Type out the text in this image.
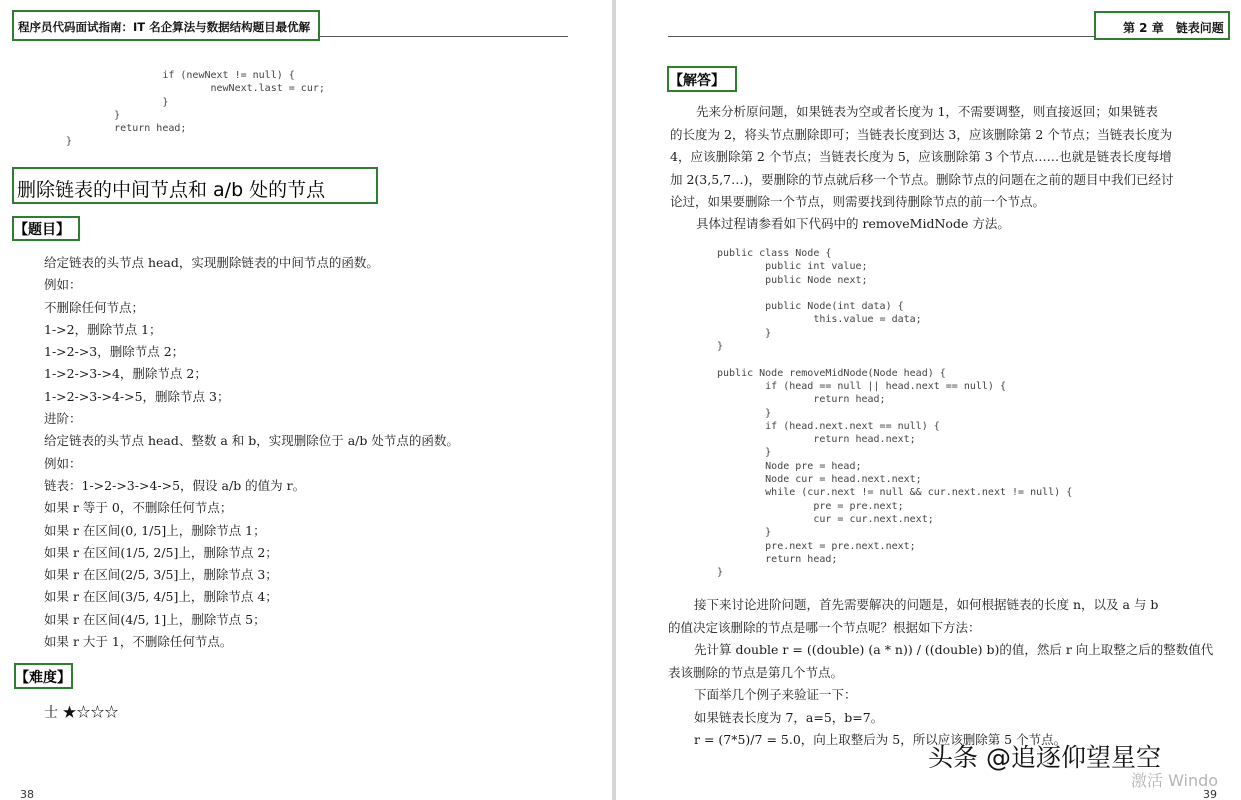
程序员代码面试指南：IT 名企算法与数据结构题目最优解
if (newNext != null) {
newNext.last = cur;
}
}
return head;
}
删除链表的中间节点和 a/b 处的节点
【题目】
给定链表的头节点 head，实现删除链表的中间节点的函数。
例如：
不删除任何节点；
1->2，删除节点 1；
1->2->3，删除节点 2；
1->2->3->4，删除节点 2；
1->2->3->4->5，删除节点 3；
进阶：
给定链表的头节点 head、整数 a 和 b，实现删除位于 a/b 处节点的函数。
例如：
链表：1->2->3->4->5，假设 a/b 的值为 r。
如果 r 等于 0，不删除任何节点；
如果 r 在区间(0, 1/5]上，删除节点 1；
如果 r 在区间(1/5, 2/5]上，删除节点 2；
如果 r 在区间(2/5, 3/5]上，删除节点 3；
如果 r 在区间(3/5, 4/5]上，删除节点 4；
如果 r 在区间(4/5, 1]上，删除节点 5；
如果 r 大于 1，不删除任何节点。
【难度】
士 ★☆☆☆
38
第 2 章　链表问题
【解答】
先来分析原问题，如果链表为空或者长度为 1，不需要调整，则直接返回；如果链表
的长度为 2，将头节点删除即可；当链表长度到达 3，应该删除第 2 个节点；当链表长度为
4，应该删除第 2 个节点；当链表长度为 5，应该删除第 3 个节点……也就是链表长度每增
加 2(3,5,7…)，要删除的节点就后移一个节点。删除节点的问题在之前的题目中我们已经讨
论过，如果要删除一个节点，则需要找到待删除节点的前一个节点。
具体过程请参看如下代码中的 removeMidNode 方法。
public class Node {
public int value;
public Node next;

public Node(int data) {
this.value = data;
}
}

public Node removeMidNode(Node head) {
if (head == null || head.next == null) {
return head;
}
if (head.next.next == null) {
return head.next;
}
Node pre = head;
Node cur = head.next.next;
while (cur.next != null && cur.next.next != null) {
pre = pre.next;
cur = cur.next.next;
}
pre.next = pre.next.next;
return head;
}
接下来讨论进阶问题，首先需要解决的问题是，如何根据链表的长度 n，以及 a 与 b
的值决定该删除的节点是哪一个节点呢？根据如下方法：
先计算 double r = ((double) (a * n)) / ((double) b)的值，然后 r 向上取整之后的整数值代
表该删除的节点是第几个节点。
下面举几个例子来验证一下：
如果链表长度为 7，a=5，b=7。
r = (7*5)/7 = 5.0，向上取整后为 5，所以应该删除第 5 个节点。
头条 @追逐仰望星空
激活 Windo
39
